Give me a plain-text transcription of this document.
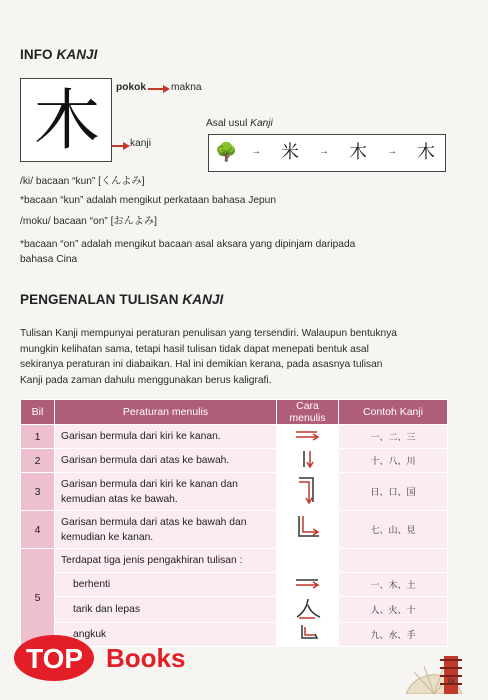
INFO KANJI
木	pokok makna
kanji
Asal usul Kanji
🌳 → 米 → 木 → 木
/ki/ bacaan “kun” [くんよみ]
*bacaan “kun” adalah mengikut perkataan bahasa Jepun
/moku/ bacaan “on” [おんよみ]
*bacaan “on” adalah mengikut bacaan asal aksara yang dipinjam daripada
bahasa Cina
PENGENALAN TULISAN KANJI
Tulisan Kanji mempunyai peraturan penulisan yang tersendiri. Walaupun bentuknya
mungkin kelihatan sama, tetapi hasil tulisan tidak dapat menepati bentuk asal
sekiranya peraturan ini diabaikan. Hal ini demikian kerana, pada asasnya tulisan
Kanji pada zaman dahulu menggunakan berus kaligrafi.
Bil	Peraturan menulis	Cara menulis	Contoh Kanji
1	Garisan bermula dari kiri ke kanan.		一、二、三
2	Garisan bermula dari atas ke bawah.		十、八、川
3	Garisan bermula dari kiri ke kanan dan
kemudian atas ke bawah.		日、口、国
4	Garisan bermula dari atas ke bawah dan
kemudian ke kanan.		七、山、見
5	Terdapat tiga jenis pengakhiran tulisan :		
	berhenti		一、木、土
	tarik dan lepas		人、火、十
	angkuk		九、水、手
TOP Books
ix
